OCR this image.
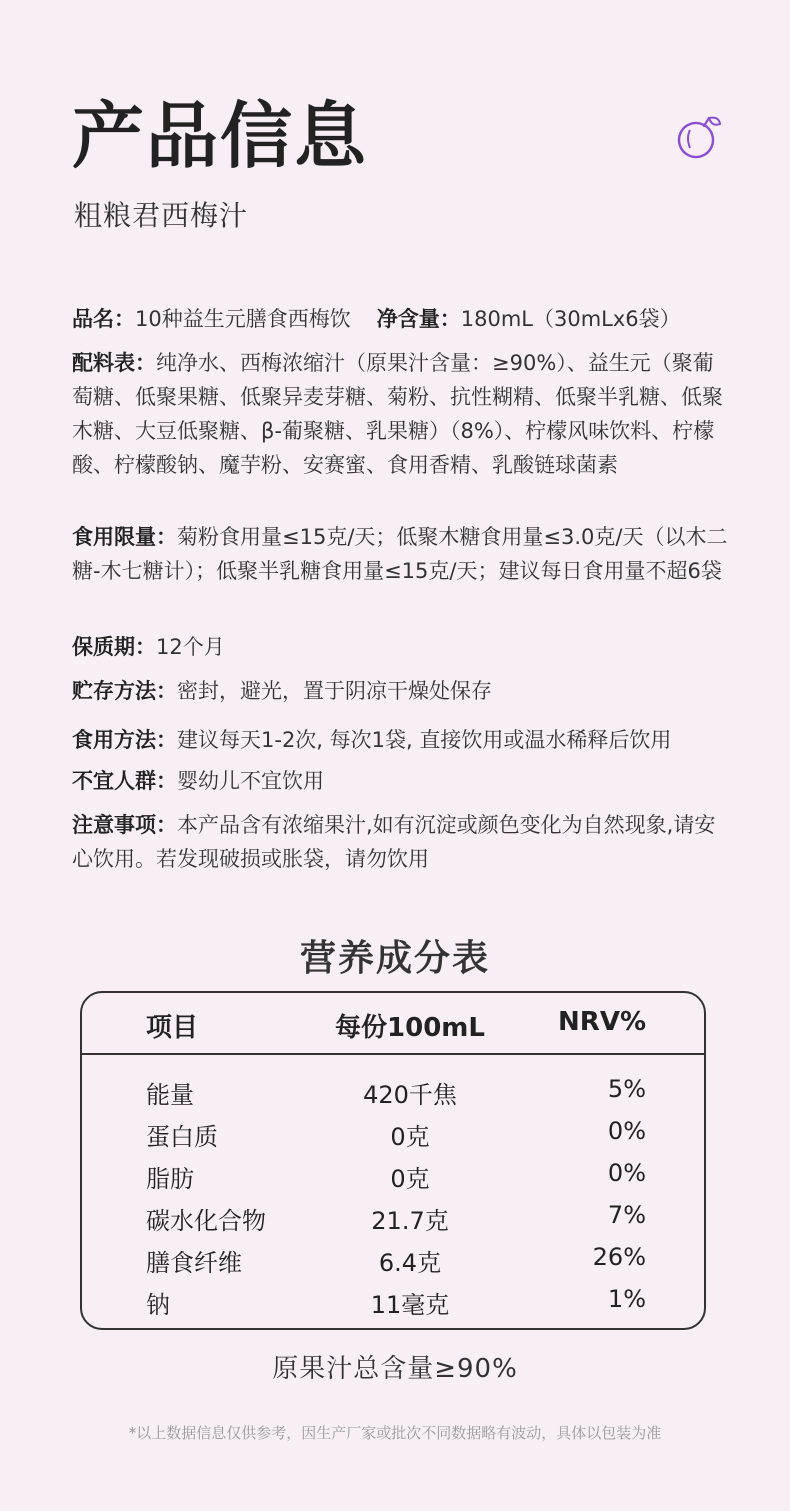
产品信息
粗粮君西梅汁
品名：10种益生元膳食西梅饮 净含量：180mL（30mLx6袋）
配料表：纯净水、西梅浓缩汁（原果汁含量：≥90%）、益生元（聚葡萄糖、低聚果糖、低聚异麦芽糖、菊粉、抗性糊精、低聚半乳糖、低聚木糖、大豆低聚糖、β-葡聚糖、乳果糖）（8%）、柠檬风味饮料、柠檬酸、柠檬酸钠、魔芋粉、安赛蜜、食用香精、乳酸链球菌素
食用限量：菊粉食用量≤15克/天；低聚木糖食用量≤3.0克/天（以木二糖-木七糖计）；低聚半乳糖食用量≤15克/天；建议每日食用量不超6袋
保质期：12个月
贮存方法：密封，避光，置于阴凉干燥处保存
食用方法：建议每天1-2次, 每次1袋, 直接饮用或温水稀释后饮用
不宜人群：婴幼儿不宜饮用
注意事项：本产品含有浓缩果汁,如有沉淀或颜色变化为自然现象,请安心饮用。若发现破损或胀袋，请勿饮用
营养成分表
项目	每份100mL	NRV%
能量	420千焦	5%
蛋白质	0克	0%
脂肪	0克	0%
碳水化合物	21.7克	7%
膳食纤维	6.4克	26%
钠	11毫克	1%
原果汁总含量≥90%
*以上数据信息仅供参考，因生产厂家或批次不同数据略有波动，具体以包装为准
